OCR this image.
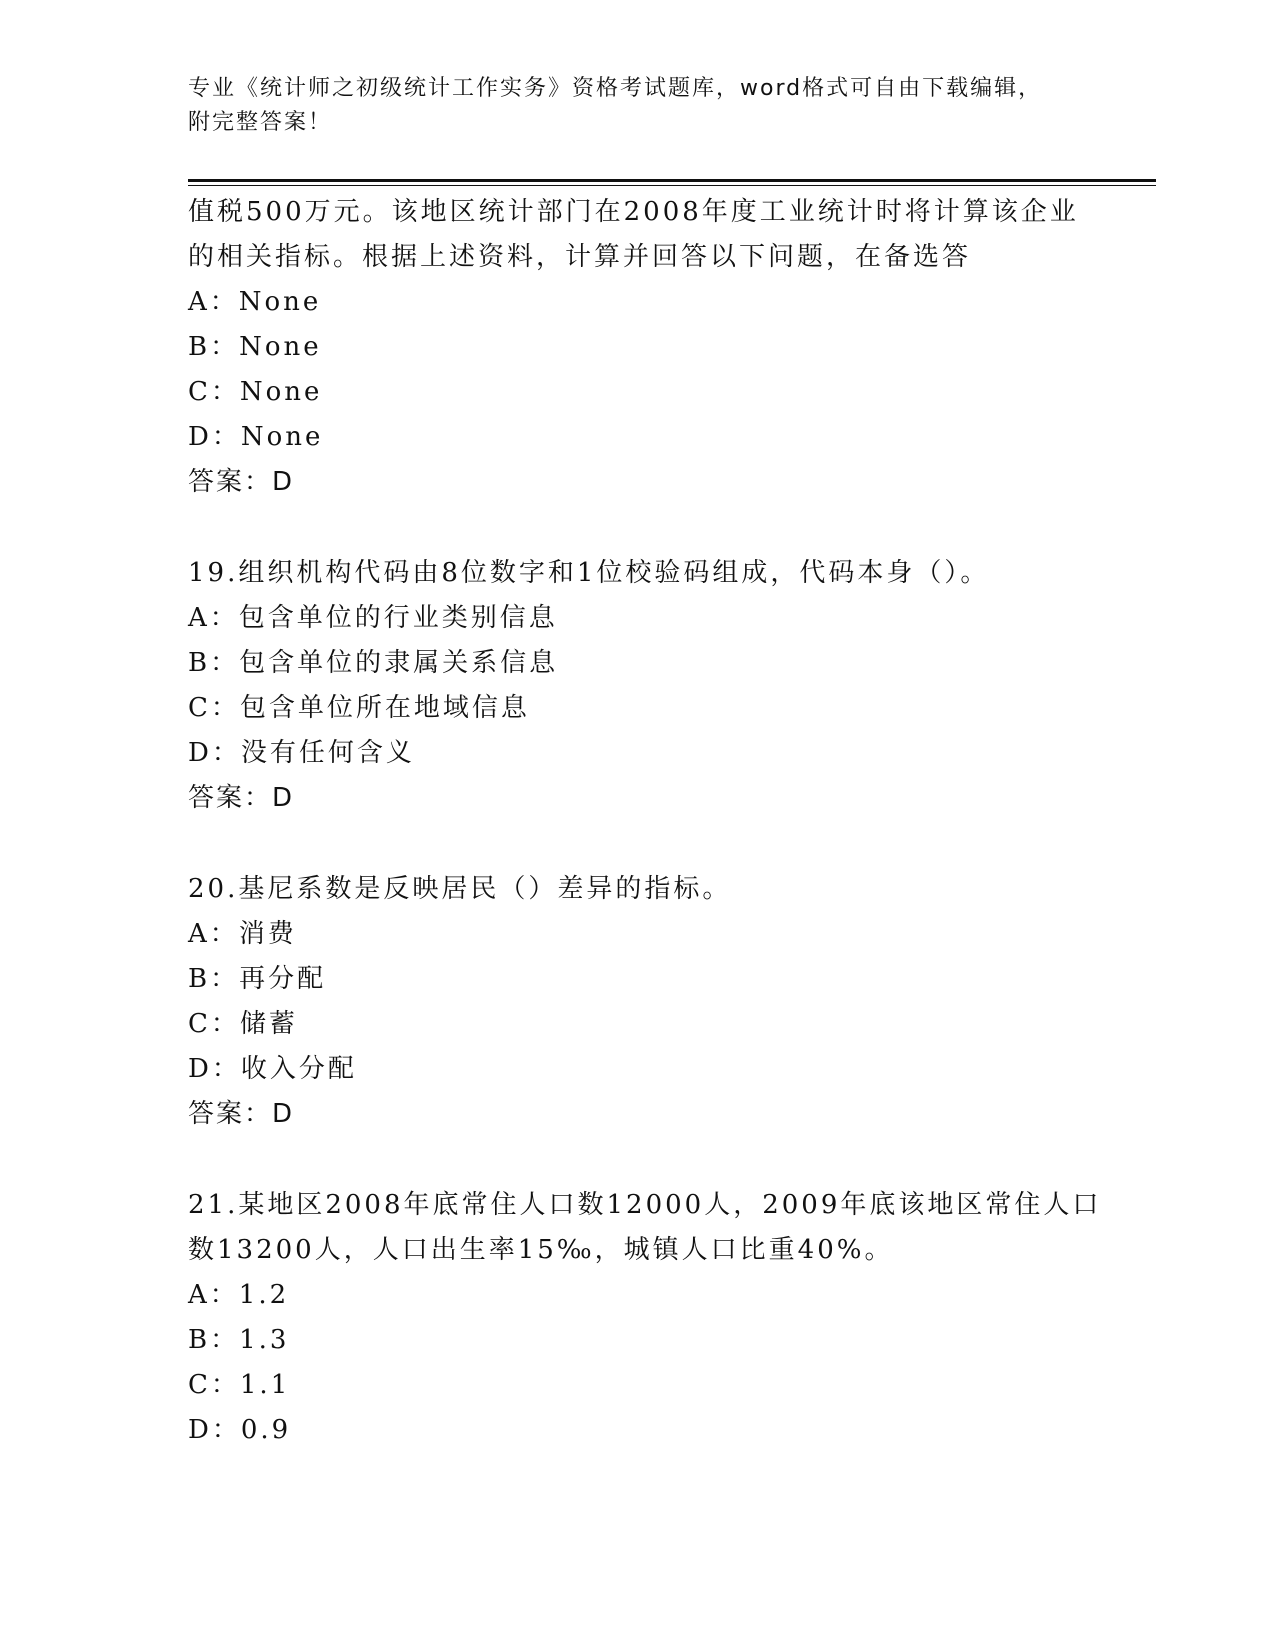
专业《统计师之初级统计工作实务》资格考试题库，word格式可自由下载编辑，
附完整答案！
值税500万元。该地区统计部门在2008年度工业统计时将计算该企业
的相关指标。根据上述资料，计算并回答以下问题，在备选答
A：None
B：None
C：None
D：None
答案：D
19.组织机构代码由8位数字和1位校验码组成，代码本身（）。
A：包含单位的行业类别信息
B：包含单位的隶属关系信息
C：包含单位所在地域信息
D：没有任何含义
答案：D
20.基尼系数是反映居民（）差异的指标。
A：消费
B：再分配
C：储蓄
D：收入分配
答案：D
21.某地区2008年底常住人口数12000人，2009年底该地区常住人口
数13200人，人口出生率15‰，城镇人口比重40%。
A：1.2
B：1.3
C：1.1
D：0.9
